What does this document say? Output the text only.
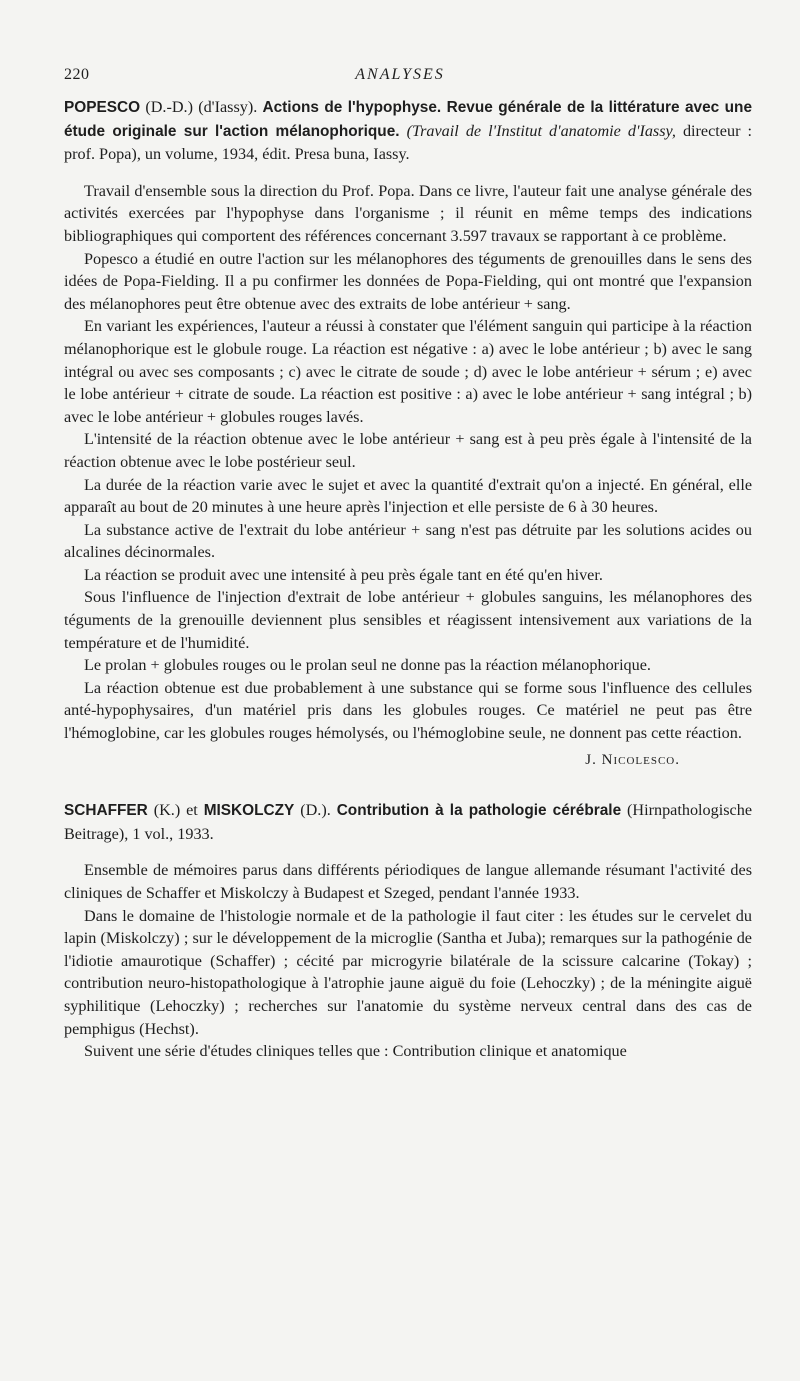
220	ANALYSES

POPESCO (D.-D.) (d'Iassy). Actions de l'hypophyse. Revue générale de la littérature avec une étude originale sur l'action mélanophorique. (Travail de l'Institut d'anatomie d'Iassy, directeur : prof. Popa), un volume, 1934, édit. Presa buna, Iassy.

Travail d'ensemble sous la direction du Prof. Popa. Dans ce livre, l'auteur fait une analyse générale des activités exercées par l'hypophyse dans l'organisme ; il réunit en même temps des indications bibliographiques qui comportent des références concernant 3.597 travaux se rapportant à ce problème.

Popesco a étudié en outre l'action sur les mélanophores des téguments de grenouilles dans le sens des idées de Popa-Fielding. Il a pu confirmer les données de Popa-Fielding, qui ont montré que l'expansion des mélanophores peut être obtenue avec des extraits de lobe antérieur + sang.

En variant les expériences, l'auteur a réussi à constater que l'élément sanguin qui participe à la réaction mélanophorique est le globule rouge. La réaction est négative : a) avec le lobe antérieur ; b) avec le sang intégral ou avec ses composants ; c) avec le citrate de soude ; d) avec le lobe antérieur + sérum ; e) avec le lobe antérieur + citrate de soude. La réaction est positive : a) avec le lobe antérieur + sang intégral ; b) avec le lobe antérieur + globules rouges lavés.

L'intensité de la réaction obtenue avec le lobe antérieur + sang est à peu près égale à l'intensité de la réaction obtenue avec le lobe postérieur seul.

La durée de la réaction varie avec le sujet et avec la quantité d'extrait qu'on a injecté. En général, elle apparaît au bout de 20 minutes à une heure après l'injection et elle persiste de 6 à 30 heures.

La substance active de l'extrait du lobe antérieur + sang n'est pas détruite par les solutions acides ou alcalines décinormales.

La réaction se produit avec une intensité à peu près égale tant en été qu'en hiver.

Sous l'influence de l'injection d'extrait de lobe antérieur + globules sanguins, les mélanophores des téguments de la grenouille deviennent plus sensibles et réagissent intensivement aux variations de la température et de l'humidité.

Le prolan + globules rouges ou le prolan seul ne donne pas la réaction mélanophorique.

La réaction obtenue est due probablement à une substance qui se forme sous l'influence des cellules anté-hypophysaires, d'un matériel pris dans les globules rouges. Ce matériel ne peut pas être l'hémoglobine, car les globules rouges hémolysés, ou l'hémoglobine seule, ne donnent pas cette réaction.

J. Nicolesco.

SCHAFFER (K.) et MISKOLCZY (D.). Contribution à la pathologie cérébrale (Hirnpathologische Beitrage), 1 vol., 1933.

Ensemble de mémoires parus dans différents périodiques de langue allemande résumant l'activité des cliniques de Schaffer et Miskolczy à Budapest et Szeged, pendant l'année 1933.

Dans le domaine de l'histologie normale et de la pathologie il faut citer : les études sur le cervelet du lapin (Miskolczy) ; sur le développement de la microglie (Santha et Juba); remarques sur la pathogénie de l'idiotie amaurotique (Schaffer) ; cécité par microgyrie bilatérale de la scissure calcarine (Tokay) ; contribution neuro-histopathologique à l'atrophie jaune aiguë du foie (Lehoczky) ; de la méningite aiguë syphilitique (Lehoczky) ; recherches sur l'anatomie du système nerveux central dans des cas de pemphigus (Hechst).

Suivent une série d'études cliniques telles que : Contribution clinique et anatomique
